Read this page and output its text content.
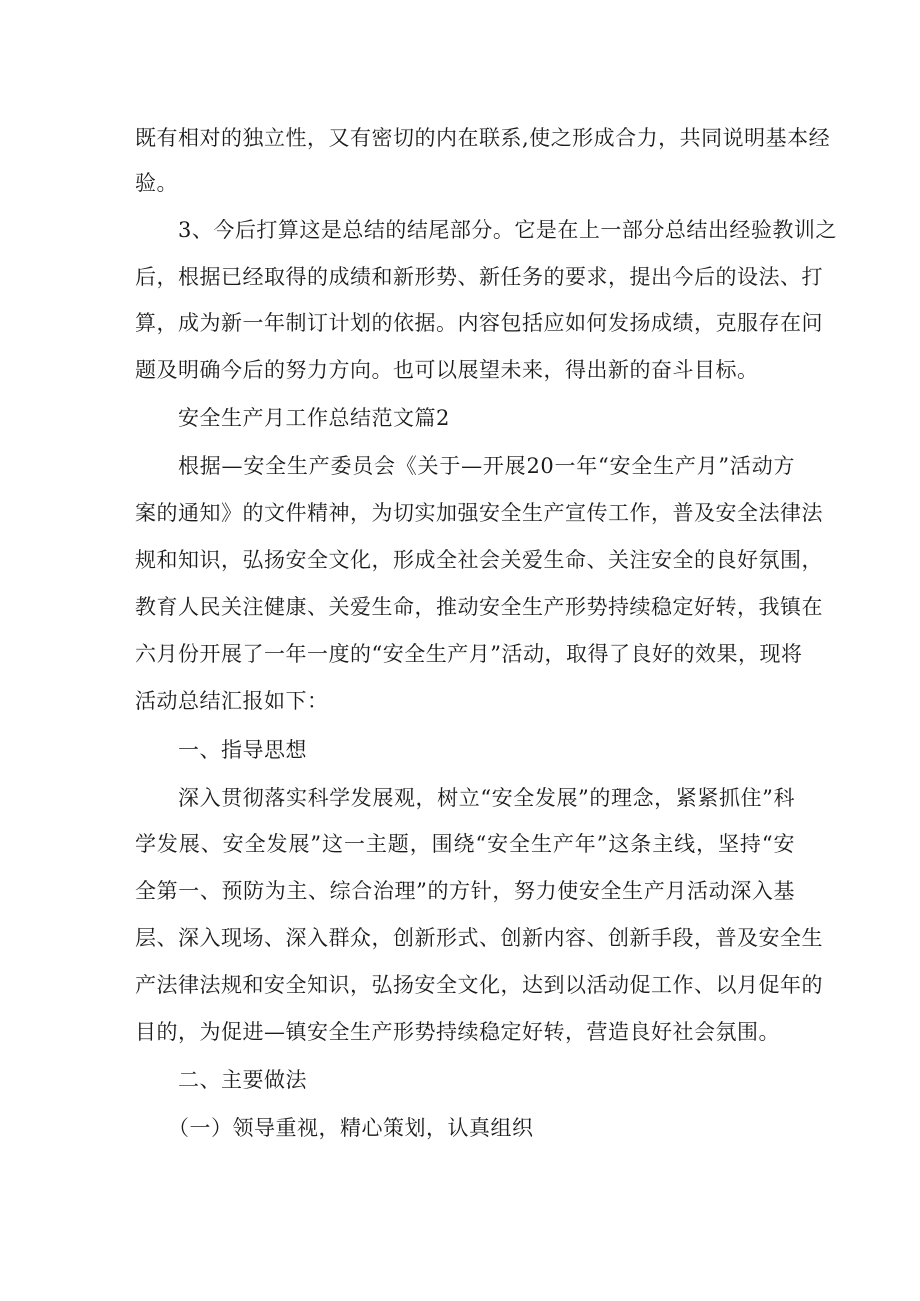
既有相对的独立性，又有密切的内在联系,使之形成合力，共同说明基本经
验。
3、今后打算这是总结的结尾部分。它是在上一部分总结出经验教训之
后，根据已经取得的成绩和新形势、新任务的要求，提出今后的设法、打
算，成为新一年制订计划的依据。内容包括应如何发扬成绩，克服存在问
题及明确今后的努力方向。也可以展望未来，得出新的奋斗目标。
安全生产月工作总结范文篇2
根据—安全生产委员会《关于—开展20一年“安全生产月”活动方
案的通知》的文件精神，为切实加强安全生产宣传工作，普及安全法律法
规和知识，弘扬安全文化，形成全社会关爱生命、关注安全的良好氛围，
教育人民关注健康、关爱生命，推动安全生产形势持续稳定好转，我镇在
六月份开展了一年一度的“安全生产月”活动，取得了良好的效果，现将
活动总结汇报如下：
一、指导思想
深入贯彻落实科学发展观，树立“安全发展”的理念，紧紧抓住”科
学发展、安全发展”这一主题，围绕“安全生产年”这条主线，坚持“安
全第一、预防为主、综合治理”的方针，努力使安全生产月活动深入基
层、深入现场、深入群众，创新形式、创新内容、创新手段，普及安全生
产法律法规和安全知识，弘扬安全文化，达到以活动促工作、以月促年的
目的，为促进—镇安全生产形势持续稳定好转，营造良好社会氛围。
二、主要做法
（一）领导重视，精心策划，认真组织
